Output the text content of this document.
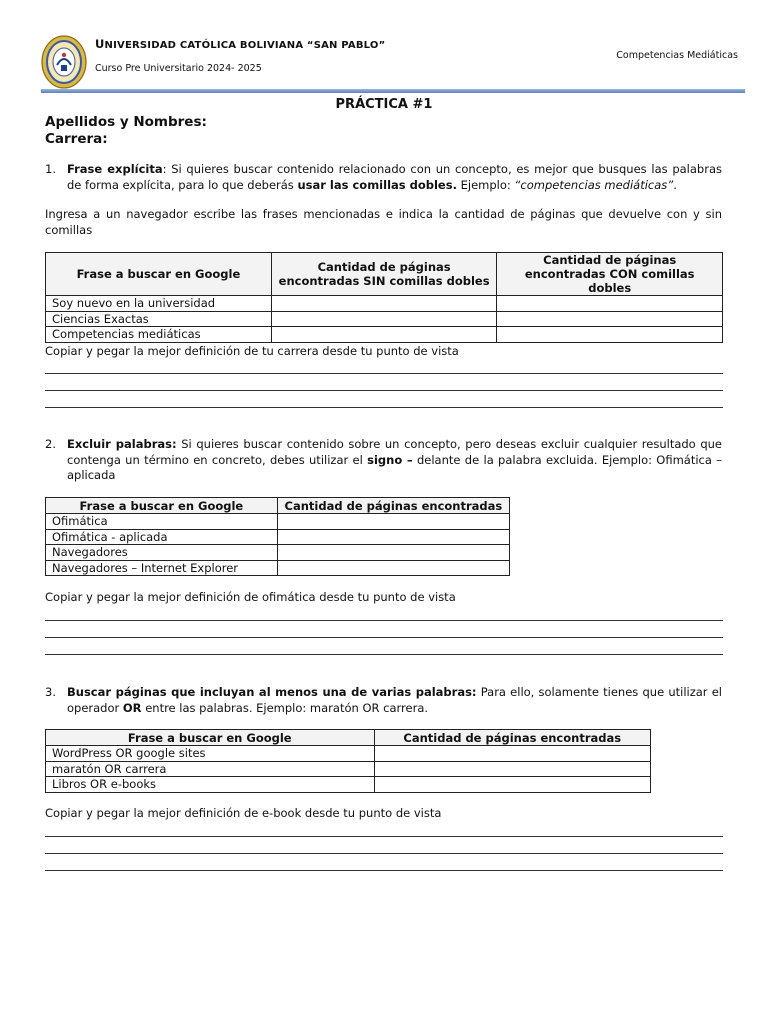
UNIVERSIDAD CATÓLICA BOLIVIANA “SAN PABLO”
Curso Pre Universitario 2024- 2025
Competencias Mediáticas
PRÁCTICA #1
Apellidos y Nombres:
Carrera:
1. Frase explícita: Si quieres buscar contenido relacionado con un concepto, es mejor que busques las palabras de forma explícita, para lo que deberás usar las comillas dobles. Ejemplo: “competencias mediáticas”.
Ingresa a un navegador escribe las frases mencionadas e indica la cantidad de páginas que devuelve con y sin comillas
Frase a buscar en Google	Cantidad de páginas encontradas SIN comillas dobles	Cantidad de páginas encontradas CON comillas dobles
Soy nuevo en la universidad		
Ciencias Exactas		
Competencias mediáticas		
Copiar y pegar la mejor definición de tu carrera desde tu punto de vista
2. Excluir palabras: Si quieres buscar contenido sobre un concepto, pero deseas excluir cualquier resultado que contenga un término en concreto, debes utilizar el signo – delante de la palabra excluida. Ejemplo: Ofimática – aplicada
Frase a buscar en Google	Cantidad de páginas encontradas
Ofimática	
Ofimática - aplicada	
Navegadores	
Navegadores – Internet Explorer	
Copiar y pegar la mejor definición de ofimática desde tu punto de vista
3. Buscar páginas que incluyan al menos una de varias palabras: Para ello, solamente tienes que utilizar el operador OR entre las palabras. Ejemplo: maratón OR carrera.
Frase a buscar en Google	Cantidad de páginas encontradas
WordPress OR google sites	
maratón OR carrera	
Libros OR e-books	
Copiar y pegar la mejor definición de e-book desde tu punto de vista
